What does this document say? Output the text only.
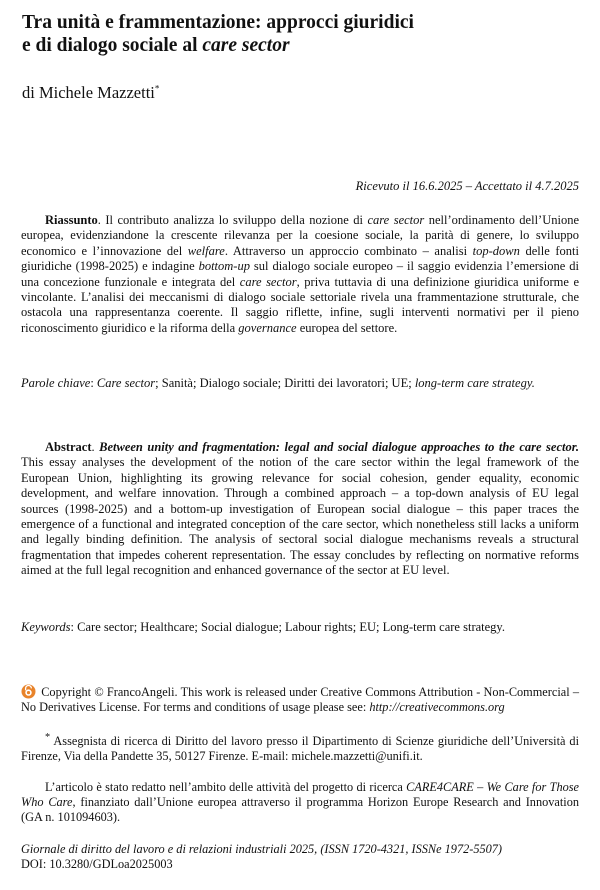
Tra unità e frammentazione: approcci giuridici
e di dialogo sociale al care sector
di Michele Mazzetti*
Ricevuto il 16.6.2025 – Accettato il 4.7.2025

Riassunto. Il contributo analizza lo sviluppo della nozione di care sector nell’ordinamento dell’Unione europea, evidenziandone la crescente rilevanza per la coesione sociale, la parità di genere, lo sviluppo economico e l’innovazione del welfare. Attraverso un approccio combinato – analisi top-down delle fonti giuridiche (1998-2025) e indagine bottom-up sul dialogo sociale europeo – il saggio evidenzia l’emersione di una concezione funzionale e integrata del care sector, priva tuttavia di una definizione giuridica uniforme e vincolante. L’analisi dei meccanismi di dialogo sociale settoriale rivela una frammentazione strutturale, che ostacola una rappresentanza coerente. Il saggio riflette, infine, sugli interventi normativi per il pieno riconoscimento giuridico e la riforma della governance europea del settore.

Parole chiave: Care sector; Sanità; Dialogo sociale; Diritti dei lavoratori; UE; long-term care strategy.

Abstract. Between unity and fragmentation: legal and social dialogue approaches to the care sector. This essay analyses the development of the notion of the care sector within the legal framework of the European Union, highlighting its growing relevance for social cohesion, gender equality, economic development, and welfare innovation. Through a combined approach – a top-down analysis of EU legal sources (1998-2025) and a bottom-up investigation of European social dialogue – this paper traces the emergence of a functional and integrated conception of the care sector, which nonetheless still lacks a uniform and legally binding definition. The analysis of sectoral social dialogue mechanisms reveals a structural fragmentation that impedes coherent representation. The essay concludes by reflecting on normative reforms aimed at the full legal recognition and enhanced governance of the sector at EU level.

Keywords: Care sector; Healthcare; Social dialogue; Labour rights; EU; Long-term care strategy.

Copyright © FrancoAngeli. This work is released under Creative Commons Attribution - Non-Commercial – No Derivatives License. For terms and conditions of usage please see: http://creativecommons.org

* Assegnista di ricerca di Diritto del lavoro presso il Dipartimento di Scienze giuridiche dell’Università di Firenze, Via della Pandette 35, 50127 Firenze. E-mail: michele.mazzetti@unifi.it.

L’articolo è stato redatto nell’ambito delle attività del progetto di ricerca CARE4CARE – We Care for Those Who Care, finanziato dall’Unione europea attraverso il programma Horizon Europe Research and Innovation (GA n. 101094603).

Giornale di diritto del lavoro e di relazioni industriali 2025, (ISSN 1720-4321, ISSNe 1972-5507)
DOI: 10.3280/GDLoa2025003
